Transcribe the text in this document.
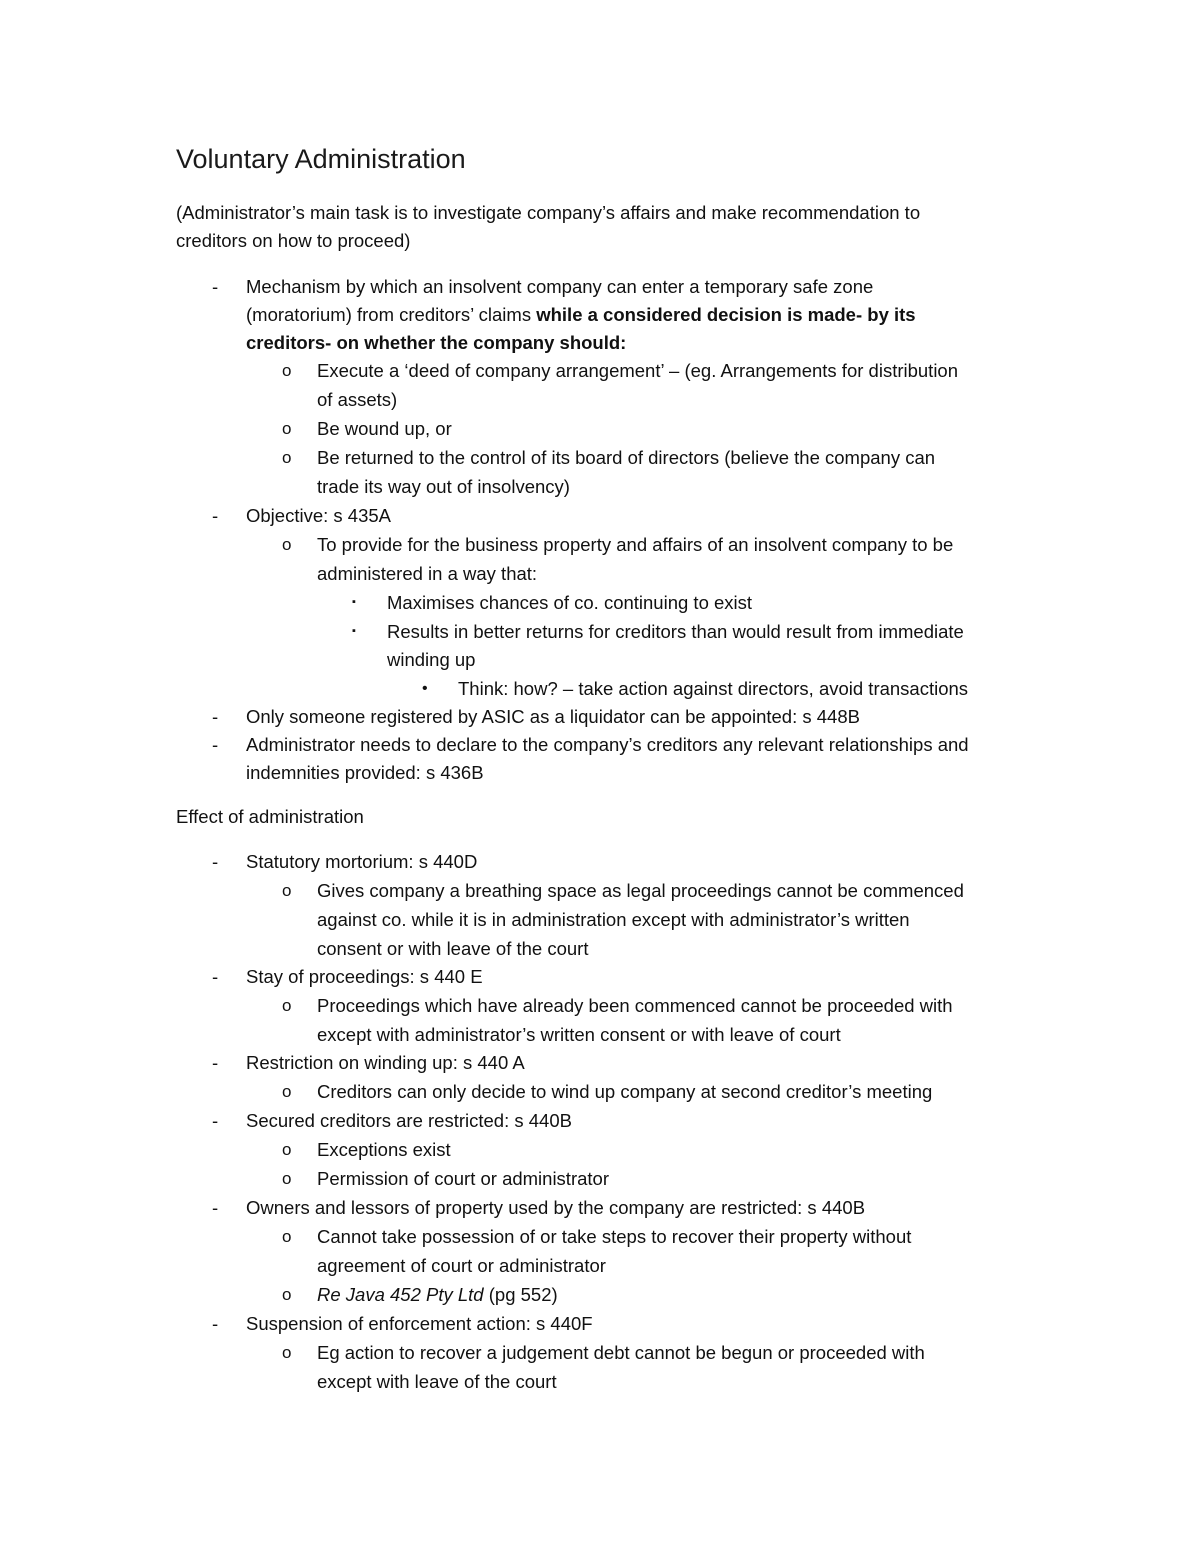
Voluntary Administration
(Administrator’s main task is to investigate company’s affairs and make recommendation to
creditors on how to proceed)
- Mechanism by which an insolvent company can enter a temporary safe zone
(moratorium) from creditors’ claims while a considered decision is made- by its
creditors- on whether the company should:
o Execute a ‘deed of company arrangement’ – (eg. Arrangements for distribution
of assets)
o Be wound up, or
o Be returned to the control of its board of directors (believe the company can
trade its way out of insolvency)
- Objective: s 435A
o To provide for the business property and affairs of an insolvent company to be
administered in a way that:
▪ Maximises chances of co. continuing to exist
▪ Results in better returns for creditors than would result from immediate
winding up
• Think: how? – take action against directors, avoid transactions
- Only someone registered by ASIC as a liquidator can be appointed: s 448B
- Administrator needs to declare to the company’s creditors any relevant relationships and
indemnities provided: s 436B
Effect of administration
- Statutory mortorium: s 440D
o Gives company a breathing space as legal proceedings cannot be commenced
against co. while it is in administration except with administrator’s written
consent or with leave of the court
- Stay of proceedings: s 440 E
o Proceedings which have already been commenced cannot be proceeded with
except with administrator’s written consent or with leave of court
- Restriction on winding up: s 440 A
o Creditors can only decide to wind up company at second creditor’s meeting
- Secured creditors are restricted: s 440B
o Exceptions exist
o Permission of court or administrator
- Owners and lessors of property used by the company are restricted: s 440B
o Cannot take possession of or take steps to recover their property without
agreement of court or administrator
o Re Java 452 Pty Ltd (pg 552)
- Suspension of enforcement action: s 440F
o Eg action to recover a judgement debt cannot be begun or proceeded with
except with leave of the court
